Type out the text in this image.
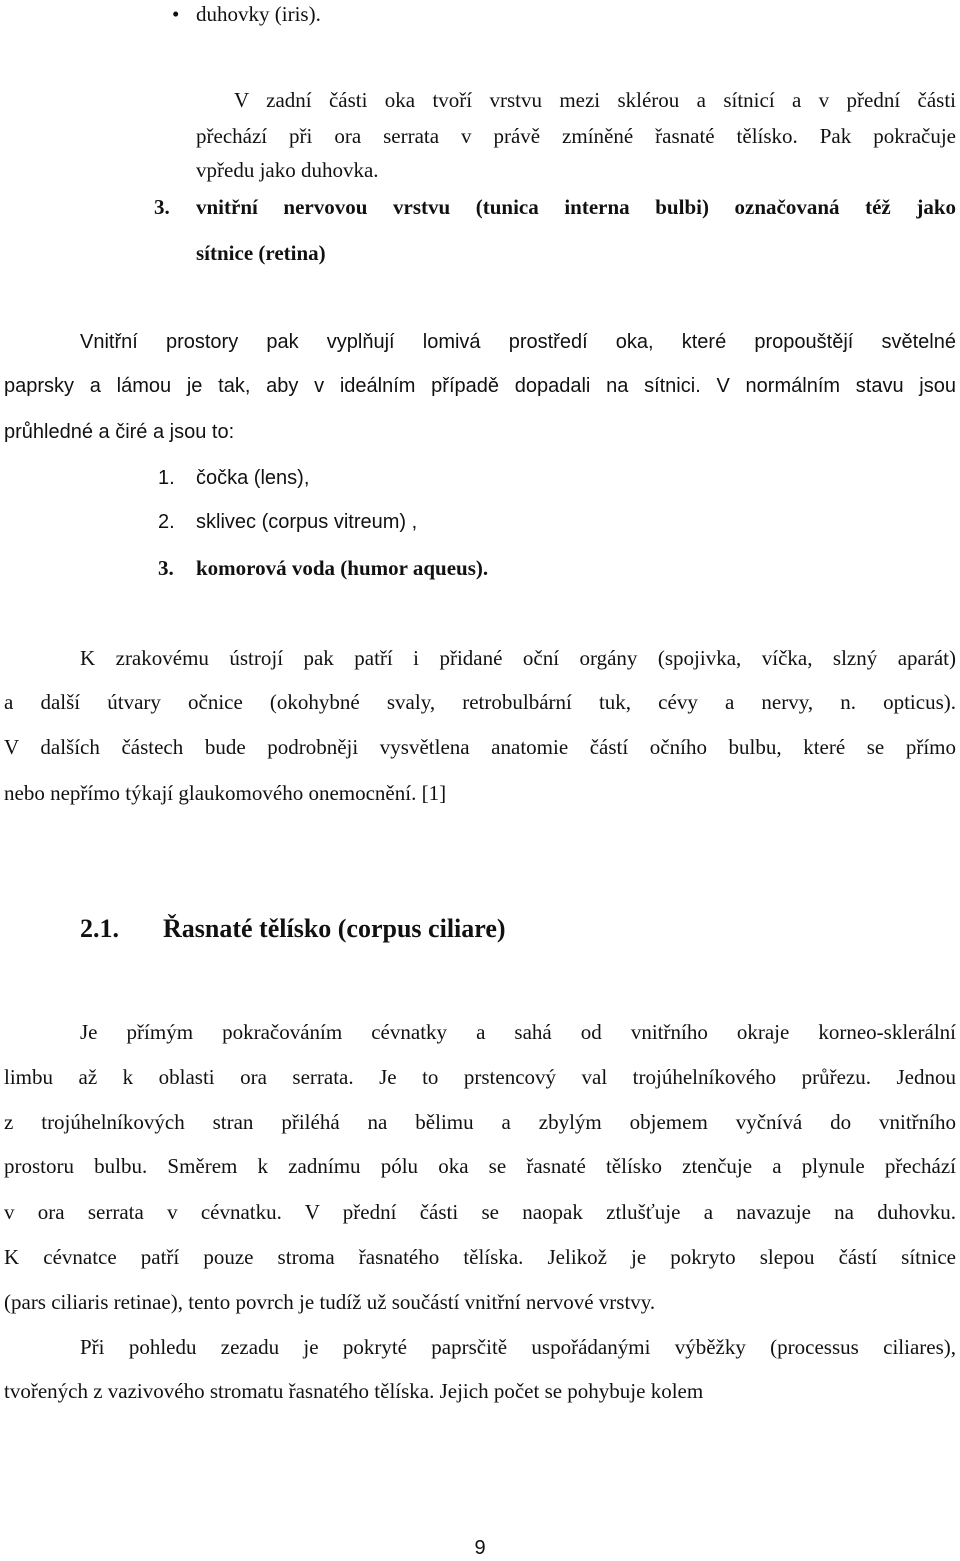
• duhovky (iris).
V zadní části oka tvoří vrstvu mezi sklérou a sítnicí a v přední části
přechází při ora serrata v právě zmíněné řasnaté tělísko. Pak pokračuje
vpředu jako duhovka.
3. vnitřní nervovou vrstvu (tunica interna bulbi) označovaná též jako
sítnice (retina)
Vnitřní prostory pak vyplňují lomivá prostředí oka, které propouštějí světelné
paprsky a lámou je tak, aby v ideálním případě dopadali na sítnici. V normálním stavu jsou
průhledné a čiré a jsou to:
1. čočka (lens),
2. sklivec (corpus vitreum) ,
3. komorová voda (humor aqueus).
K zrakovému ústrojí pak patří i přidané oční orgány (spojivka, víčka, slzný aparát)
a další útvary očnice (okohybné svaly, retrobulbární tuk, cévy a nervy, n. opticus).
V dalších částech bude podrobněji vysvětlena anatomie částí očního bulbu, které se přímo
nebo nepřímo týkají glaukomového onemocnění. [1]
2.1. Řasnaté tělísko (corpus ciliare)
Je přímým pokračováním cévnatky a sahá od vnitřního okraje korneo-sklerální
limbu až k oblasti ora serrata. Je to prstencový val trojúhelníkového průřezu. Jednou
z trojúhelníkových stran přiléhá na bělimu a zbylým objemem vyčnívá do vnitřního
prostoru bulbu. Směrem k zadnímu pólu oka se řasnaté tělísko ztenčuje a plynule přechází
v ora serrata v cévnatku. V přední části se naopak ztlušťuje a navazuje na duhovku.
K cévnatce patří pouze stroma řasnatého tělíska. Jelikož je pokryto slepou částí sítnice
(pars ciliaris retinae), tento povrch je tudíž už součástí vnitřní nervové vrstvy.
Při pohledu zezadu je pokryté paprsčitě uspořádanými výběžky (processus ciliares),
tvořených z vazivového stromatu řasnatého tělíska. Jejich počet se pohybuje kolem
9
